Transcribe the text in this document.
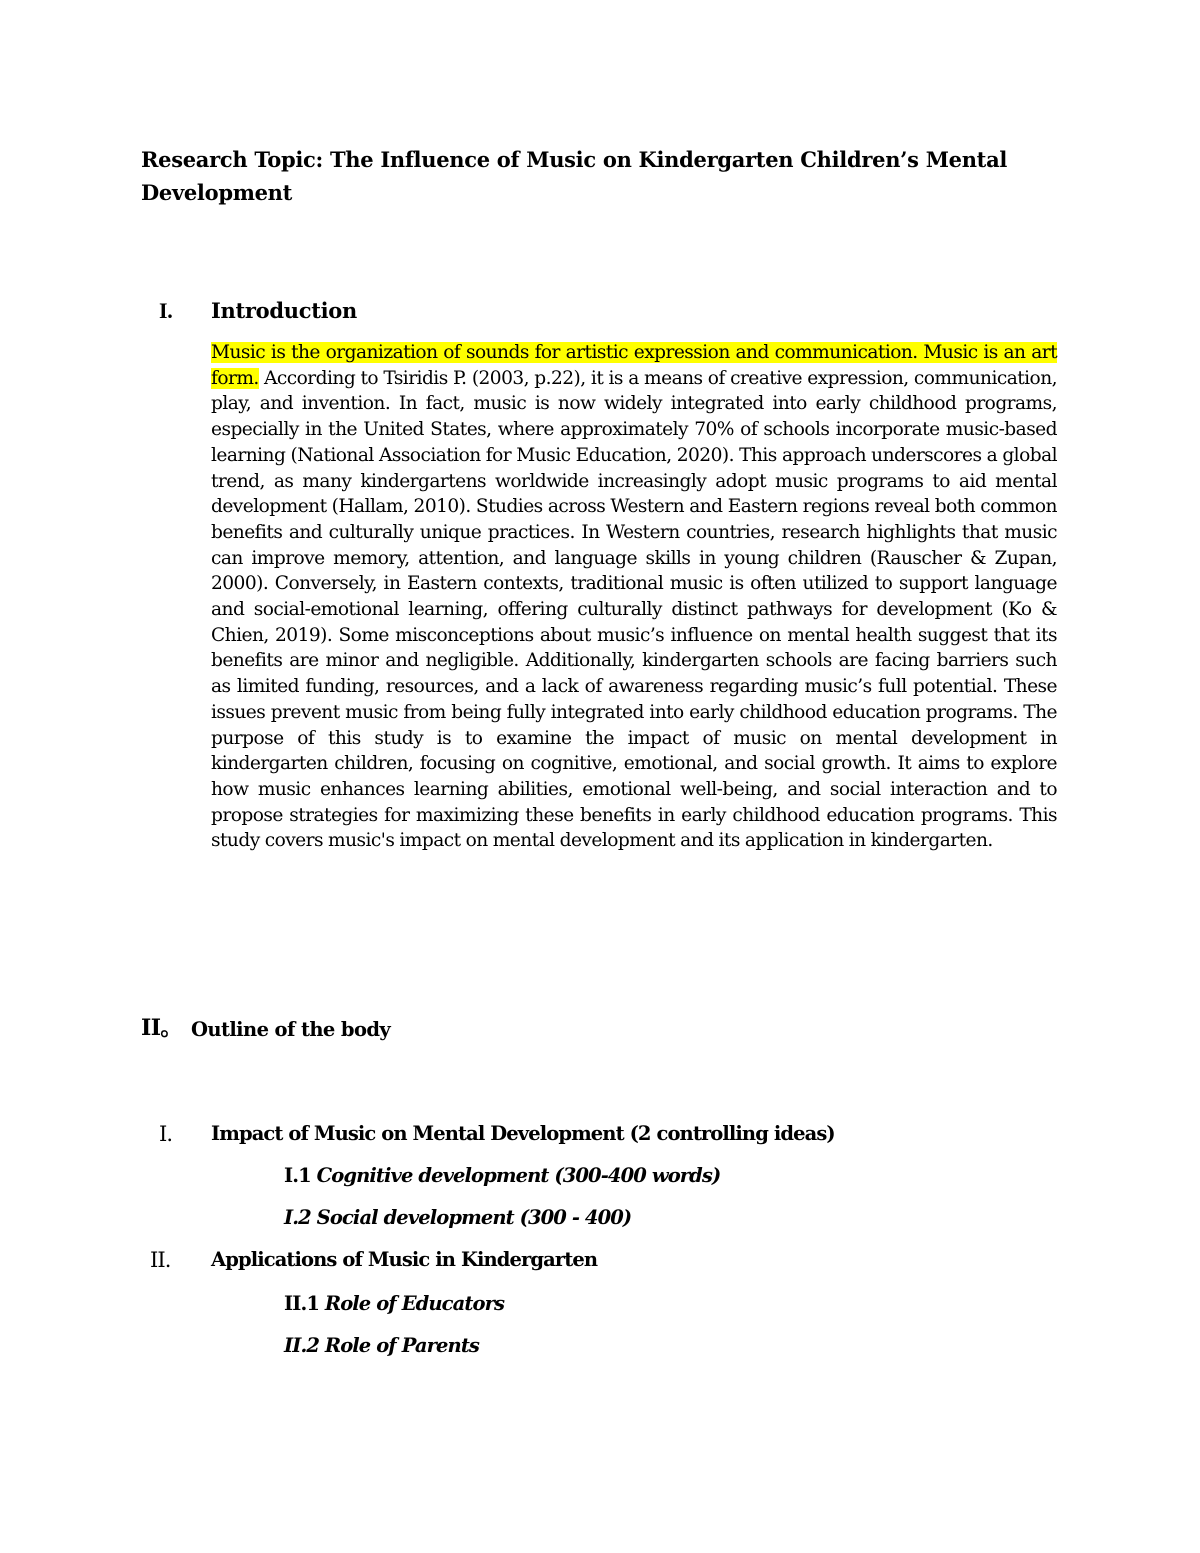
Research Topic: The Influence of Music on Kindergarten Children’s Mental Development
I. Introduction

Music is the organization of sounds for artistic expression and communication. Music is an art form. According to Tsiridis P. (2003, p.22), it is a means of creative expression, communication, play, and invention. In fact, music is now widely integrated into early childhood programs, especially in the United States, where approximately 70% of schools incorporate music-based learning (National Association for Music Education, 2020). This approach underscores a global trend, as many kindergartens worldwide increasingly adopt music programs to aid mental development (Hallam, 2010). Studies across Western and Eastern regions reveal both common benefits and culturally unique practices. In Western countries, research highlights that music can improve memory, attention, and language skills in young children (Rauscher & Zupan, 2000). Conversely, in Eastern contexts, traditional music is often utilized to support language and social-emotional learning, offering culturally distinct pathways for development (Ko & Chien, 2019). Some misconceptions about music’s influence on mental health suggest that its benefits are minor and negligible. Additionally, kindergarten schools are facing barriers such as limited funding, resources, and a lack of awareness regarding music’s full potential. These issues prevent music from being fully integrated into early childhood education programs. The purpose of this study is to examine the impact of music on mental development in kindergarten children, focusing on cognitive, emotional, and social growth. It aims to explore how music enhances learning abilities, emotional well-being, and social interaction and to propose strategies for maximizing these benefits in early childhood education programs. This study covers music's impact on mental development and its application in kindergarten.

II。 Outline of the body
I. Impact of Music on Mental Development (2 controlling ideas)
I.1 Cognitive development (300-400 words)
I.2 Social development (300 - 400)
II. Applications of Music in Kindergarten
II.1 Role of Educators
II.2 Role of Parents
